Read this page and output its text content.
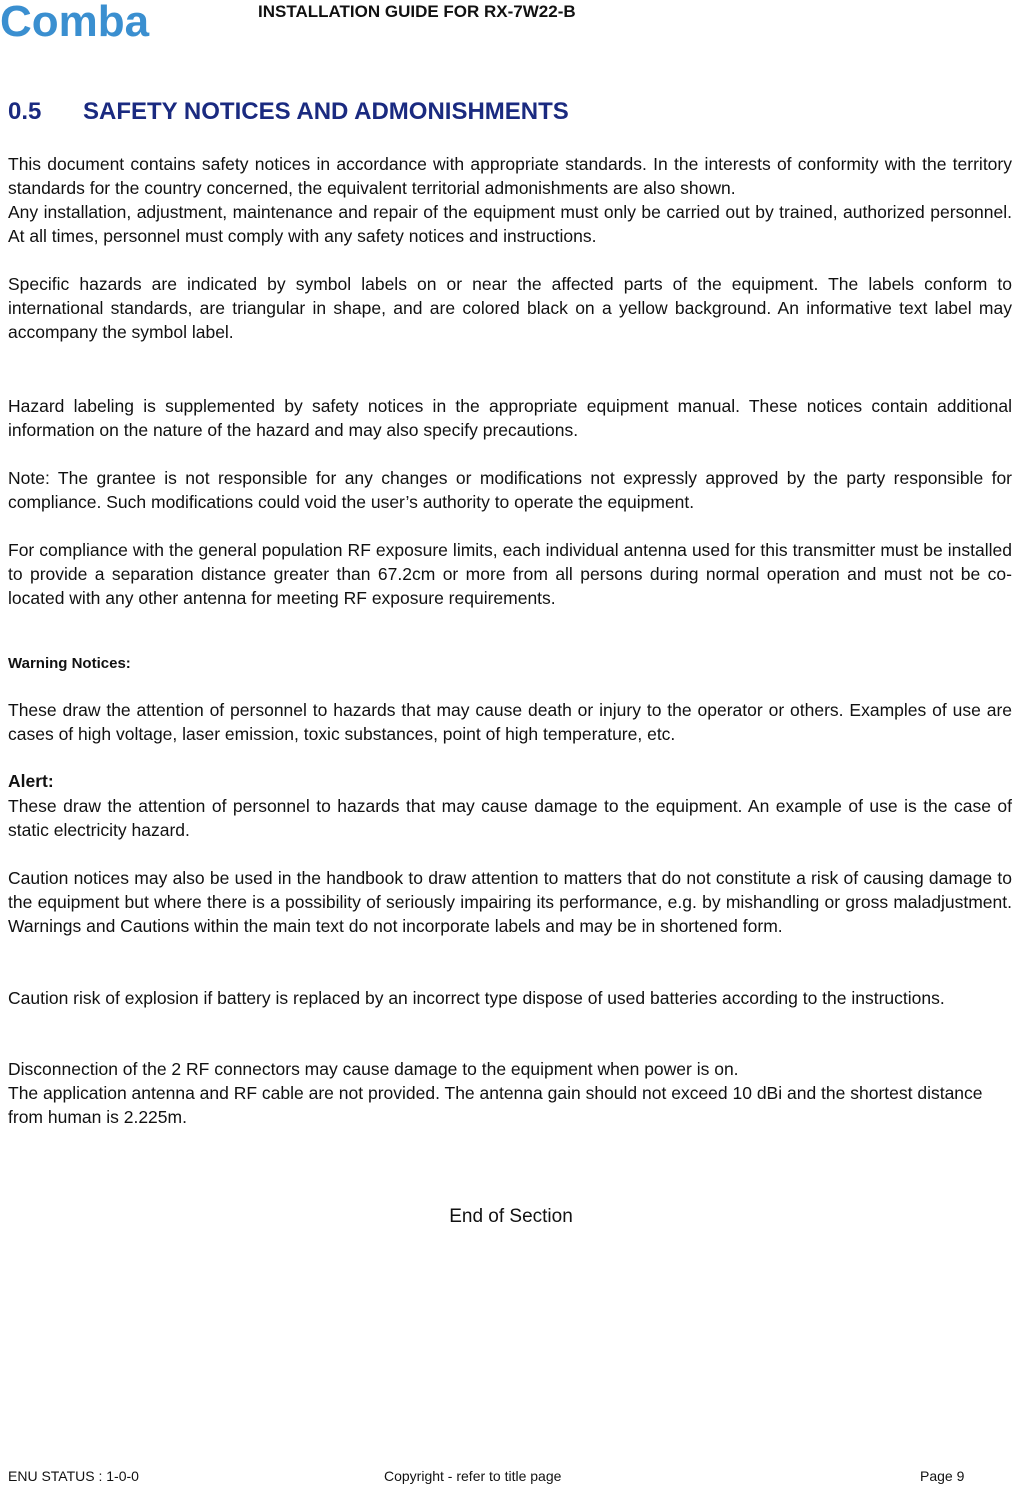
Comba	INSTALLATION GUIDE FOR RX-7W22-B
0.5 SAFETY NOTICES AND ADMONISHMENTS

This document contains safety notices in accordance with appropriate standards. In the interests of conformity with the territory standards for the country concerned, the equivalent territorial admonishments are also shown.

Any installation, adjustment, maintenance and repair of the equipment must only be carried out by trained, authorized personnel. At all times, personnel must comply with any safety notices and instructions.

Specific hazards are indicated by symbol labels on or near the affected parts of the equipment. The labels conform to international standards, are triangular in shape, and are colored black on a yellow background. An informative text label may accompany the symbol label.

Hazard labeling is supplemented by safety notices in the appropriate equipment manual. These notices contain additional information on the nature of the hazard and may also specify precautions.

Note: The grantee is not responsible for any changes or modifications not expressly approved by the party responsible for compliance. Such modifications could void the user’s authority to operate the equipment.

For compliance with the general population RF exposure limits, each individual antenna used for this transmitter must be installed to provide a separation distance greater than 67.2cm or more from all persons during normal operation and must not be co-located with any other antenna for meeting RF exposure requirements.

Warning Notices:

These draw the attention of personnel to hazards that may cause death or injury to the operator or others. Examples of use are cases of high voltage, laser emission, toxic substances, point of high temperature, etc.

Alert:

These draw the attention of personnel to hazards that may cause damage to the equipment. An example of use is the case of static electricity hazard.

Caution notices may also be used in the handbook to draw attention to matters that do not constitute a risk of causing damage to the equipment but where there is a possibility of seriously impairing its performance, e.g. by mishandling or gross maladjustment. Warnings and Cautions within the main text do not incorporate labels and may be in shortened form.

Caution risk of explosion if battery is replaced by an incorrect type dispose of used batteries according to the instructions.

Disconnection of the 2 RF connectors may cause damage to the equipment when power is on.

The application antenna and RF cable are not provided. The antenna gain should not exceed 10 dBi and the shortest distance from human is 2.225m.

End of Section
ENU STATUS : 1-0-0	Copyright - refer to title page	Page 9
